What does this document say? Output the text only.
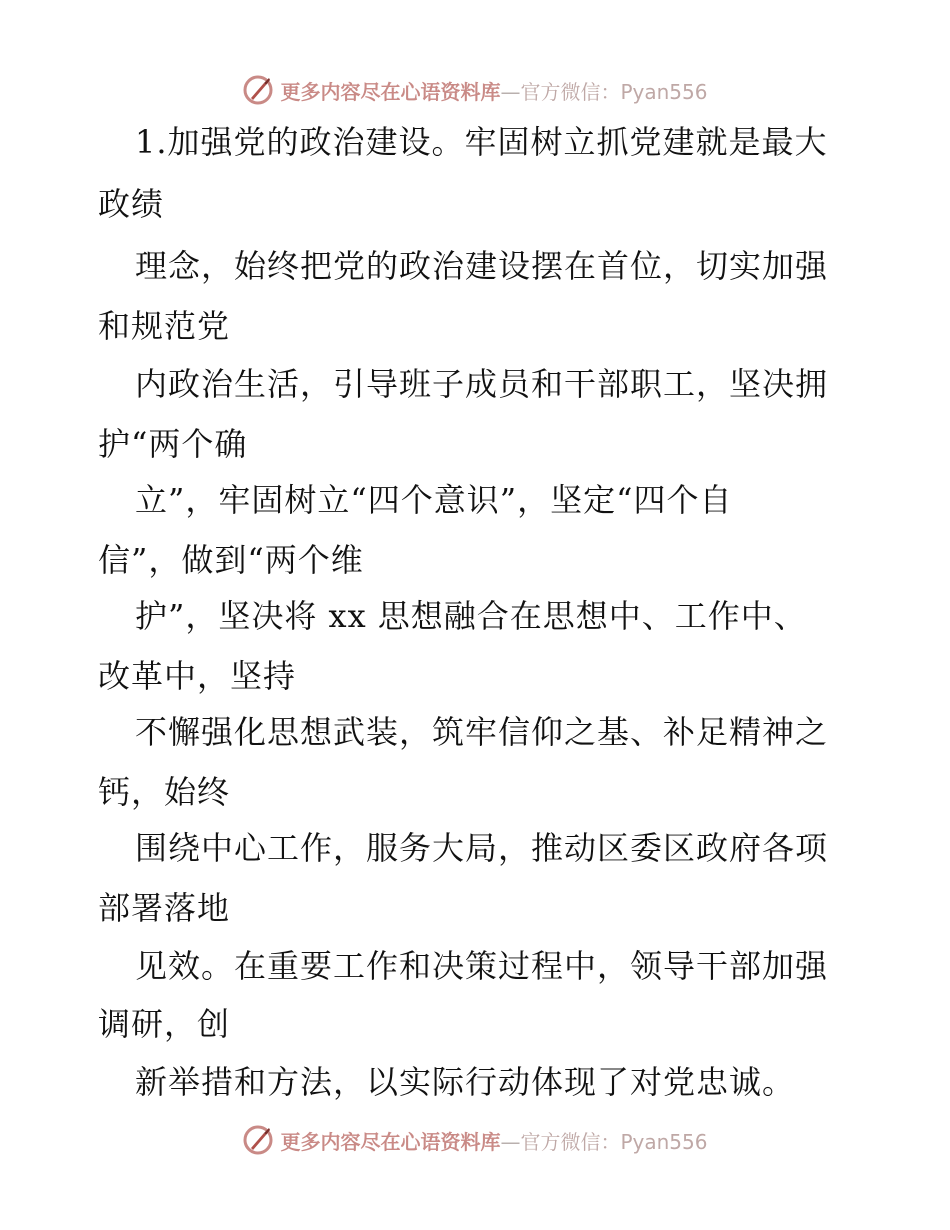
更多内容尽在心语资料库—官方微信：Pyan556
1.加强党的政治建设。牢固树立抓党建就是最大
政绩
理念，始终把党的政治建设摆在首位，切实加强
和规范党
内政治生活，引导班子成员和干部职工，坚决拥
护“两个确
立”，牢固树立“四个意识”，坚定“四个自
信”，做到“两个维
护”，坚决将 xx 思想融合在思想中、工作中、
改革中，坚持
不懈强化思想武装，筑牢信仰之基、补足精神之
钙，始终
围绕中心工作，服务大局，推动区委区政府各项
部署落地
见效。在重要工作和决策过程中，领导干部加强
调研，创
新举措和方法，以实际行动体现了对党忠诚。
更多内容尽在心语资料库—官方微信：Pyan556
